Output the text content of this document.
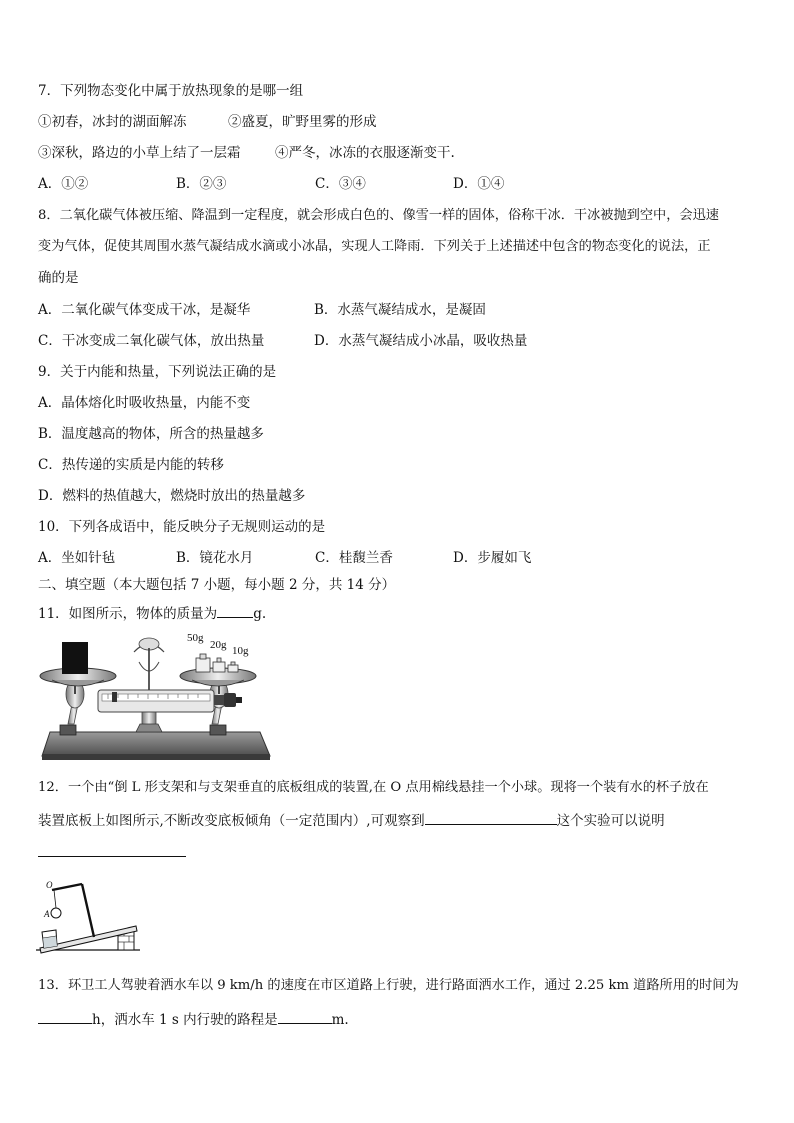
7．下列物态变化中属于放热现象的是哪一组
①初春，冰封的湖面解冻	②盛夏，旷野里雾的形成
③深秋，路边的小草上结了一层霜	④严冬，冰冻的衣服逐渐变干.
A．①②	B．②③	C．③④	D．①④
8．二氧化碳气体被压缩、降温到一定程度，就会形成白色的、像雪一样的固体，俗称干冰．干冰被抛到空中，会迅速
变为气体，促使其周围水蒸气凝结成水滴或小冰晶，实现人工降雨．下列关于上述描述中包含的物态变化的说法，正
确的是
A．二氧化碳气体变成干冰，是凝华	B．水蒸气凝结成水，是凝固
C．干冰变成二氧化碳气体，放出热量	D．水蒸气凝结成小冰晶，吸收热量
9．关于内能和热量，下列说法正确的是
A．晶体熔化时吸收热量，内能不变
B．温度越高的物体，所含的热量越多
C．热传递的实质是内能的转移
D．燃料的热值越大，燃烧时放出的热量越多
10．下列各成语中，能反映分子无规则运动的是
A．坐如针毡	B．镜花水月	C．桂馥兰香	D．步履如飞
二、填空题（本大题包括 7 小题，每小题 2 分，共 14 分）
11．如图所示，物体的质量为	g.
50g
20g 10g
12．一个由“倒 L 形支架和与支架垂直的底板组成的装置,在 O 点用棉线悬挂一个小球。现将一个装有水的杯子放在
装置底板上如图所示,不断改变底板倾角（一定范围内）,可观察到	这个实验可以说明
O
A
13．环卫工人驾驶着洒水车以 9 km/h 的速度在市区道路上行驶，进行路面洒水工作，通过 2.25 km 道路所用的时间为
h，洒水车 1 s 内行驶的路程是	m.
